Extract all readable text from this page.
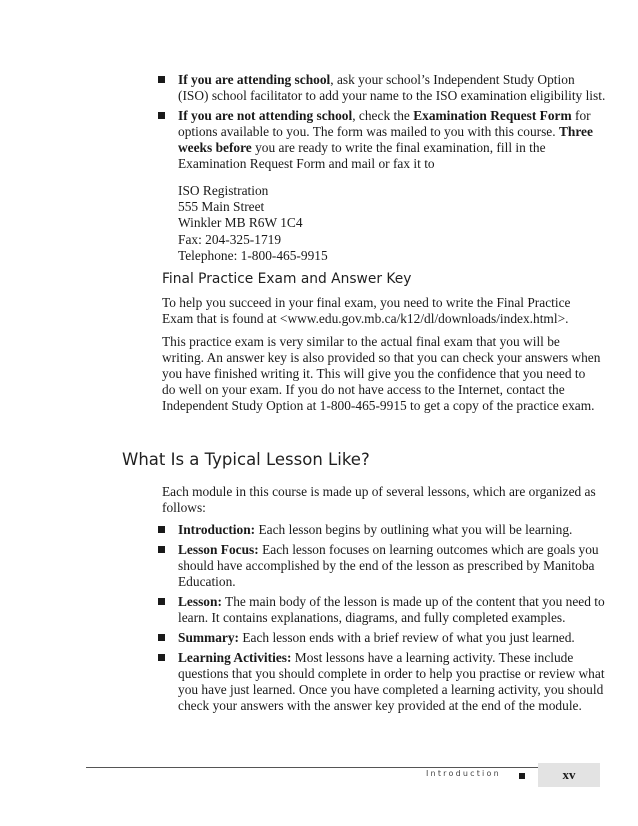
If you are attending school, ask your school’s Independent Study Option (ISO) school facilitator to add your name to the ISO examination eligibility list.
If you are not attending school, check the Examination Request Form for options available to you. The form was mailed to you with this course. Three weeks before you are ready to write the final examination, fill in the Examination Request Form and mail or fax it to
ISO Registration
555 Main Street
Winkler MB R6W 1C4
Fax: 204-325-1719
Telephone: 1-800-465-9915
Final Practice Exam and Answer Key

To help you succeed in your final exam, you need to write the Final Practice Exam that is found at <www.edu.gov.mb.ca/k12/dl/downloads/index.html>.

This practice exam is very similar to the actual final exam that you will be writing. An answer key is also provided so that you can check your answers when you have finished writing it. This will give you the confidence that you need to do well on your exam. If you do not have access to the Internet, contact the Independent Study Option at 1-800-465-9915 to get a copy of the practice exam.

What Is a Typical Lesson Like?

Each module in this course is made up of several lessons, which are organized as follows:

Introduction: Each lesson begins by outlining what you will be learning.
Lesson Focus: Each lesson focuses on learning outcomes which are goals you should have accomplished by the end of the lesson as prescribed by Manitoba Education.
Lesson: The main body of the lesson is made up of the content that you need to learn. It contains explanations, diagrams, and fully completed examples.
Summary: Each lesson ends with a brief review of what you just learned.
Learning Activities: Most lessons have a learning activity. These include questions that you should complete in order to help you practise or review what you have just learned. Once you have completed a learning activity, you should check your answers with the answer key provided at the end of the module.
Introduction	xv
